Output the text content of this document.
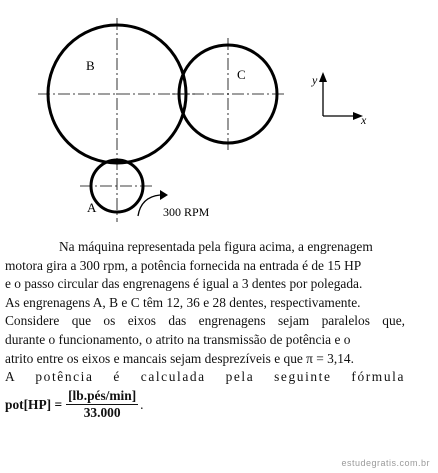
B
C
A	300 RPM
y
x
Na máquina representada pela figura acima, a engrenagem
motora gira a 300 rpm, a potência fornecida na entrada é de 15 HP
e o passo circular das engrenagens é igual a 3 dentes por polegada.
As engrenagens A, B e C têm 12, 36 e 28 dentes, respectivamente.
Considere que os eixos das engrenagens sejam paralelos que,
durante o funcionamento, o atrito na transmissão de potência e o
atrito entre os eixos e mancais sejam desprezíveis e que π = 3,14.
A potência é calculada pela seguinte fórmula
$pot[HP] = \frac{\text{[lb.pés/min]}}{33.000}$ .
estudegratis.com.br
